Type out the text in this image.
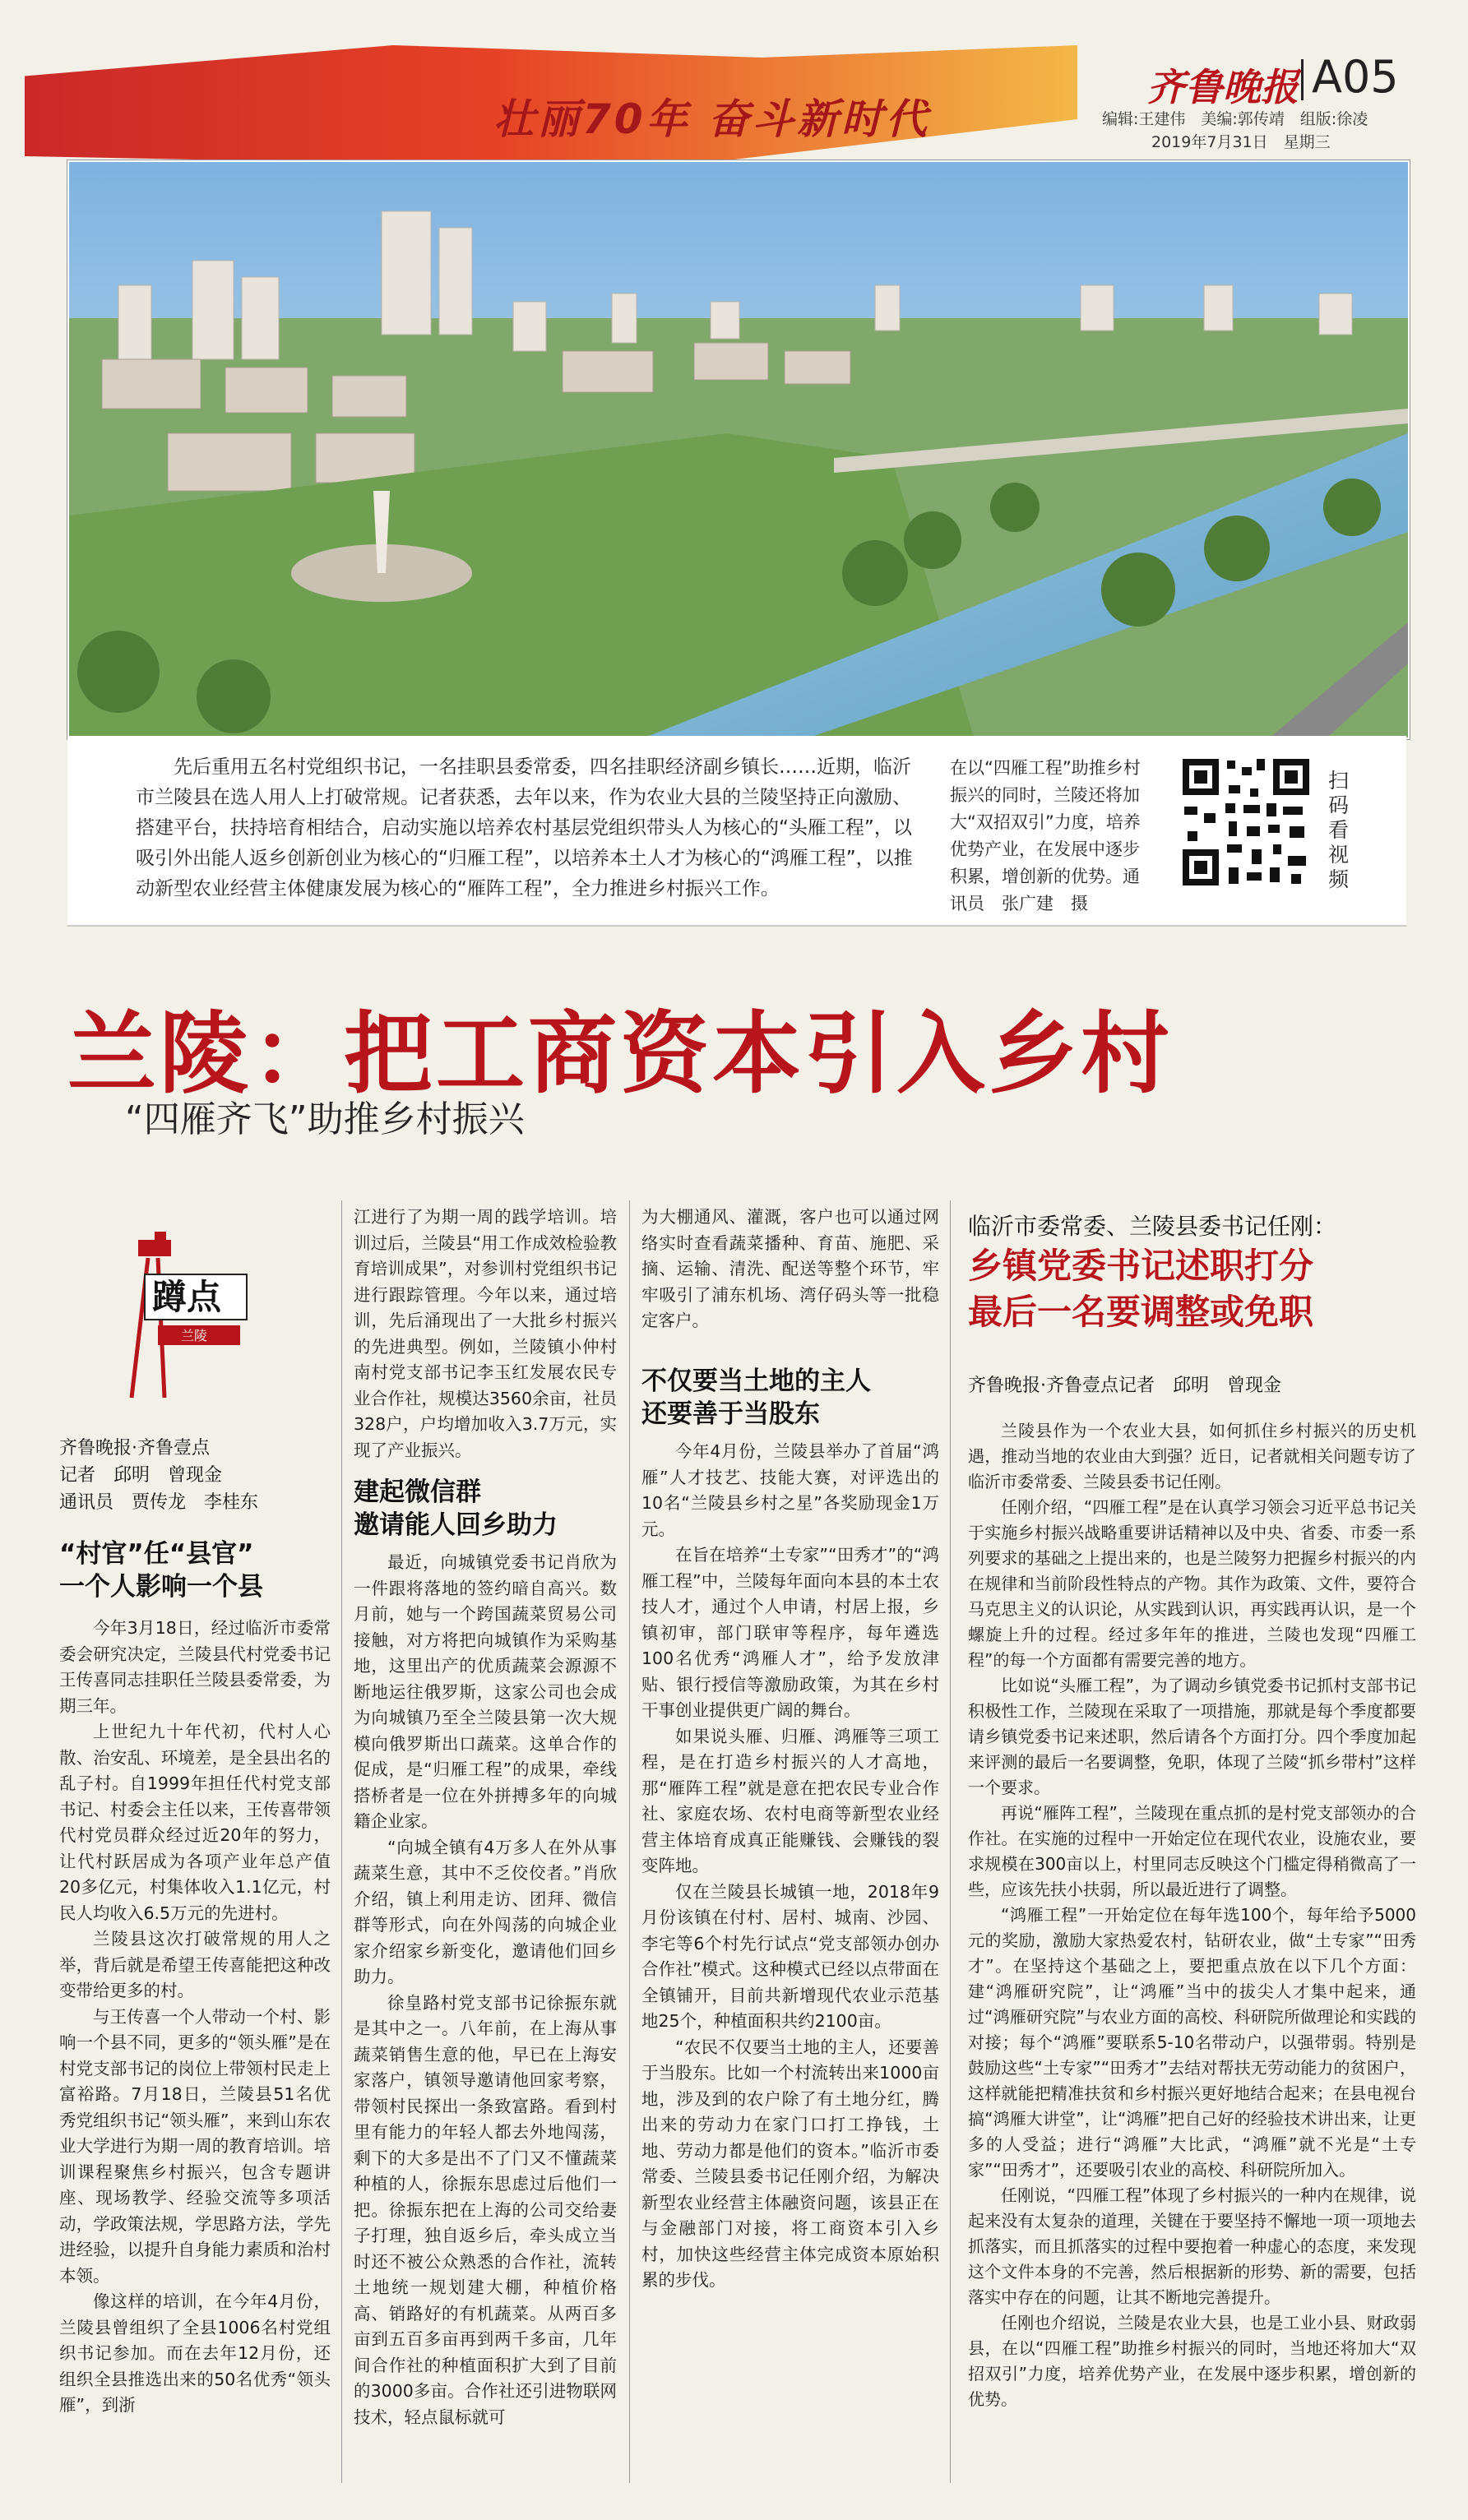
壮丽70年 奋斗新时代
齐鲁晚报 A05
编辑:王建伟　美编:郭传靖　组版:徐凌
2019年7月31日　星期三
先后重用五名村党组织书记，一名挂职县委常委，四名挂职经济副乡镇长……近期，临沂市兰陵县在选人用人上打破常规。记者获悉，去年以来，作为农业大县的兰陵坚持正向激励、搭建平台，扶持培育相结合，启动实施以培养农村基层党组织带头人为核心的“头雁工程”，以吸引外出能人返乡创新创业为核心的“归雁工程”，以培养本土人才为核心的“鸿雁工程”，以推动新型农业经营主体健康发展为核心的“雁阵工程”，全力推进乡村振兴工作。
在以“四雁工程”助推乡村振兴的同时，兰陵还将加大“双招双引”力度，培养优势产业，在发展中逐步积累，增创新的优势。通讯员　张广建　摄
扫码看视频
兰陵：把工商资本引入乡村
“四雁齐飞”助推乡村振兴
蹲点
兰陵
齐鲁晚报·齐鲁壹点
记者　邱明　曾现金
通讯员　贾传龙　李桂东
“村官”任“县官”
一个人影响一个县

今年3月18日，经过临沂市委常委会研究决定，兰陵县代村党委书记王传喜同志挂职任兰陵县委常委，为期三年。

上世纪九十年代初，代村人心散、治安乱、环境差，是全县出名的乱子村。自1999年担任代村党支部书记、村委会主任以来，王传喜带领代村党员群众经过近20年的努力，让代村跃居成为各项产业年总产值20多亿元，村集体收入1.1亿元，村民人均收入6.5万元的先进村。

兰陵县这次打破常规的用人之举，背后就是希望王传喜能把这种改变带给更多的村。

与王传喜一个人带动一个村、影响一个县不同，更多的“领头雁”是在村党支部书记的岗位上带领村民走上富裕路。7月18日，兰陵县51名优秀党组织书记“领头雁”，来到山东农业大学进行为期一周的教育培训。培训课程聚焦乡村振兴，包含专题讲座、现场教学、经验交流等多项活动，学政策法规，学思路方法，学先进经验，以提升自身能力素质和治村本领。

像这样的培训，在今年4月份，兰陵县曾组织了全县1006名村党组织书记参加。而在去年12月份，还组织全县推选出来的50名优秀“领头雁”，到浙

江进行了为期一周的践学培训。培训过后，兰陵县“用工作成效检验教育培训成果”，对参训村党组织书记进行跟踪管理。今年以来，通过培训，先后涌现出了一大批乡村振兴的先进典型。例如，兰陵镇小仲村南村党支部书记李玉红发展农民专业合作社，规模达3560余亩，社员328户，户均增加收入3.7万元，实现了产业振兴。

建起微信群
邀请能人回乡助力

最近，向城镇党委书记肖欣为一件跟将落地的签约暗自高兴。数月前，她与一个跨国蔬菜贸易公司接触，对方将把向城镇作为采购基地，这里出产的优质蔬菜会源源不断地运往俄罗斯，这家公司也会成为向城镇乃至全兰陵县第一次大规模向俄罗斯出口蔬菜。这单合作的促成，是“归雁工程”的成果，牵线搭桥者是一位在外拼搏多年的向城籍企业家。

“向城全镇有4万多人在外从事蔬菜生意，其中不乏佼佼者。”肖欣介绍，镇上利用走访、团拜、微信群等形式，向在外闯荡的向城企业家介绍家乡新变化，邀请他们回乡助力。

徐皇路村党支部书记徐振东就是其中之一。八年前，在上海从事蔬菜销售生意的他，早已在上海安家落户，镇领导邀请他回家考察，带领村民探出一条致富路。看到村里有能力的年轻人都去外地闯荡，剩下的大多是出不了门又不懂蔬菜种植的人，徐振东思虑过后他们一把。徐振东把在上海的公司交给妻子打理，独自返乡后，牵头成立当时还不被公众熟悉的合作社，流转土地统一规划建大棚，种植价格高、销路好的有机蔬菜。从两百多亩到五百多亩再到两千多亩，几年间合作社的种植面积扩大到了目前的3000多亩。合作社还引进物联网技术，轻点鼠标就可

为大棚通风、灌溉，客户也可以通过网络实时查看蔬菜播种、育苗、施肥、采摘、运输、清洗、配送等整个环节，牢牢吸引了浦东机场、湾仔码头等一批稳定客户。

不仅要当土地的主人
还要善于当股东

今年4月份，兰陵县举办了首届“鸿雁”人才技艺、技能大赛，对评选出的10名“兰陵县乡村之星”各奖励现金1万元。

在旨在培养“土专家”“田秀才”的“鸿雁工程”中，兰陵每年面向本县的本土农技人才，通过个人申请，村居上报，乡镇初审，部门联审等程序，每年遴选100名优秀“鸿雁人才”，给予发放津贴、银行授信等激励政策，为其在乡村干事创业提供更广阔的舞台。

如果说头雁、归雁、鸿雁等三项工程，是在打造乡村振兴的人才高地，那“雁阵工程”就是意在把农民专业合作社、家庭农场、农村电商等新型农业经营主体培育成真正能赚钱、会赚钱的裂变阵地。

仅在兰陵县长城镇一地，2018年9月份该镇在付村、居村、城南、沙园、李宅等6个村先行试点“党支部领办创办合作社”模式。这种模式已经以点带面在全镇铺开，目前共新增现代农业示范基地25个，种植面积共约2100亩。

“农民不仅要当土地的主人，还要善于当股东。比如一个村流转出来1000亩地，涉及到的农户除了有土地分红，腾出来的劳动力在家门口打工挣钱，土地、劳动力都是他们的资本。”临沂市委常委、兰陵县委书记任刚介绍，为解决新型农业经营主体融资问题，该县正在与金融部门对接，将工商资本引入乡村，加快这些经营主体完成资本原始积累的步伐。

临沂市委常委、兰陵县委书记任刚：
乡镇党委书记述职打分
最后一名要调整或免职
齐鲁晚报·齐鲁壹点记者　邱明　曾现金

兰陵县作为一个农业大县，如何抓住乡村振兴的历史机遇，推动当地的农业由大到强？近日，记者就相关问题专访了临沂市委常委、兰陵县委书记任刚。

任刚介绍，“四雁工程”是在认真学习领会习近平总书记关于实施乡村振兴战略重要讲话精神以及中央、省委、市委一系列要求的基础之上提出来的，也是兰陵努力把握乡村振兴的内在规律和当前阶段性特点的产物。其作为政策、文件，要符合马克思主义的认识论，从实践到认识，再实践再认识，是一个螺旋上升的过程。经过多年年的推进，兰陵也发现“四雁工程”的每一个方面都有需要完善的地方。

比如说“头雁工程”，为了调动乡镇党委书记抓村支部书记积极性工作，兰陵现在采取了一项措施，那就是每个季度都要请乡镇党委书记来述职，然后请各个方面打分。四个季度加起来评测的最后一名要调整，免职，体现了兰陵“抓乡带村”这样一个要求。

再说“雁阵工程”，兰陵现在重点抓的是村党支部领办的合作社。在实施的过程中一开始定位在现代农业，设施农业，要求规模在300亩以上，村里同志反映这个门槛定得稍微高了一些，应该先扶小扶弱，所以最近进行了调整。

“鸿雁工程”一开始定位在每年选100个，每年给予5000元的奖励，激励大家热爱农村，钻研农业，做“土专家”“田秀才”。在坚持这个基础之上，要把重点放在以下几个方面：建“鸿雁研究院”，让“鸿雁”当中的拔尖人才集中起来，通过“鸿雁研究院”与农业方面的高校、科研院所做理论和实践的对接；每个“鸿雁”要联系5-10名带动户，以强带弱。特别是鼓励这些“土专家”“田秀才”去结对帮扶无劳动能力的贫困户，这样就能把精准扶贫和乡村振兴更好地结合起来；在县电视台搞“鸿雁大讲堂”，让“鸿雁”把自己好的经验技术讲出来，让更多的人受益；进行“鸿雁”大比武，“鸿雁”就不光是“土专家”“田秀才”，还要吸引农业的高校、科研院所加入。

任刚说，“四雁工程”体现了乡村振兴的一种内在规律，说起来没有太复杂的道理，关键在于要坚持不懈地一项一项地去抓落实，而且抓落实的过程中要抱着一种虚心的态度，来发现这个文件本身的不完善，然后根据新的形势、新的需要，包括落实中存在的问题，让其不断地完善提升。

任刚也介绍说，兰陵是农业大县，也是工业小县、财政弱县，在以“四雁工程”助推乡村振兴的同时，当地还将加大“双招双引”力度，培养优势产业，在发展中逐步积累，增创新的优势。
